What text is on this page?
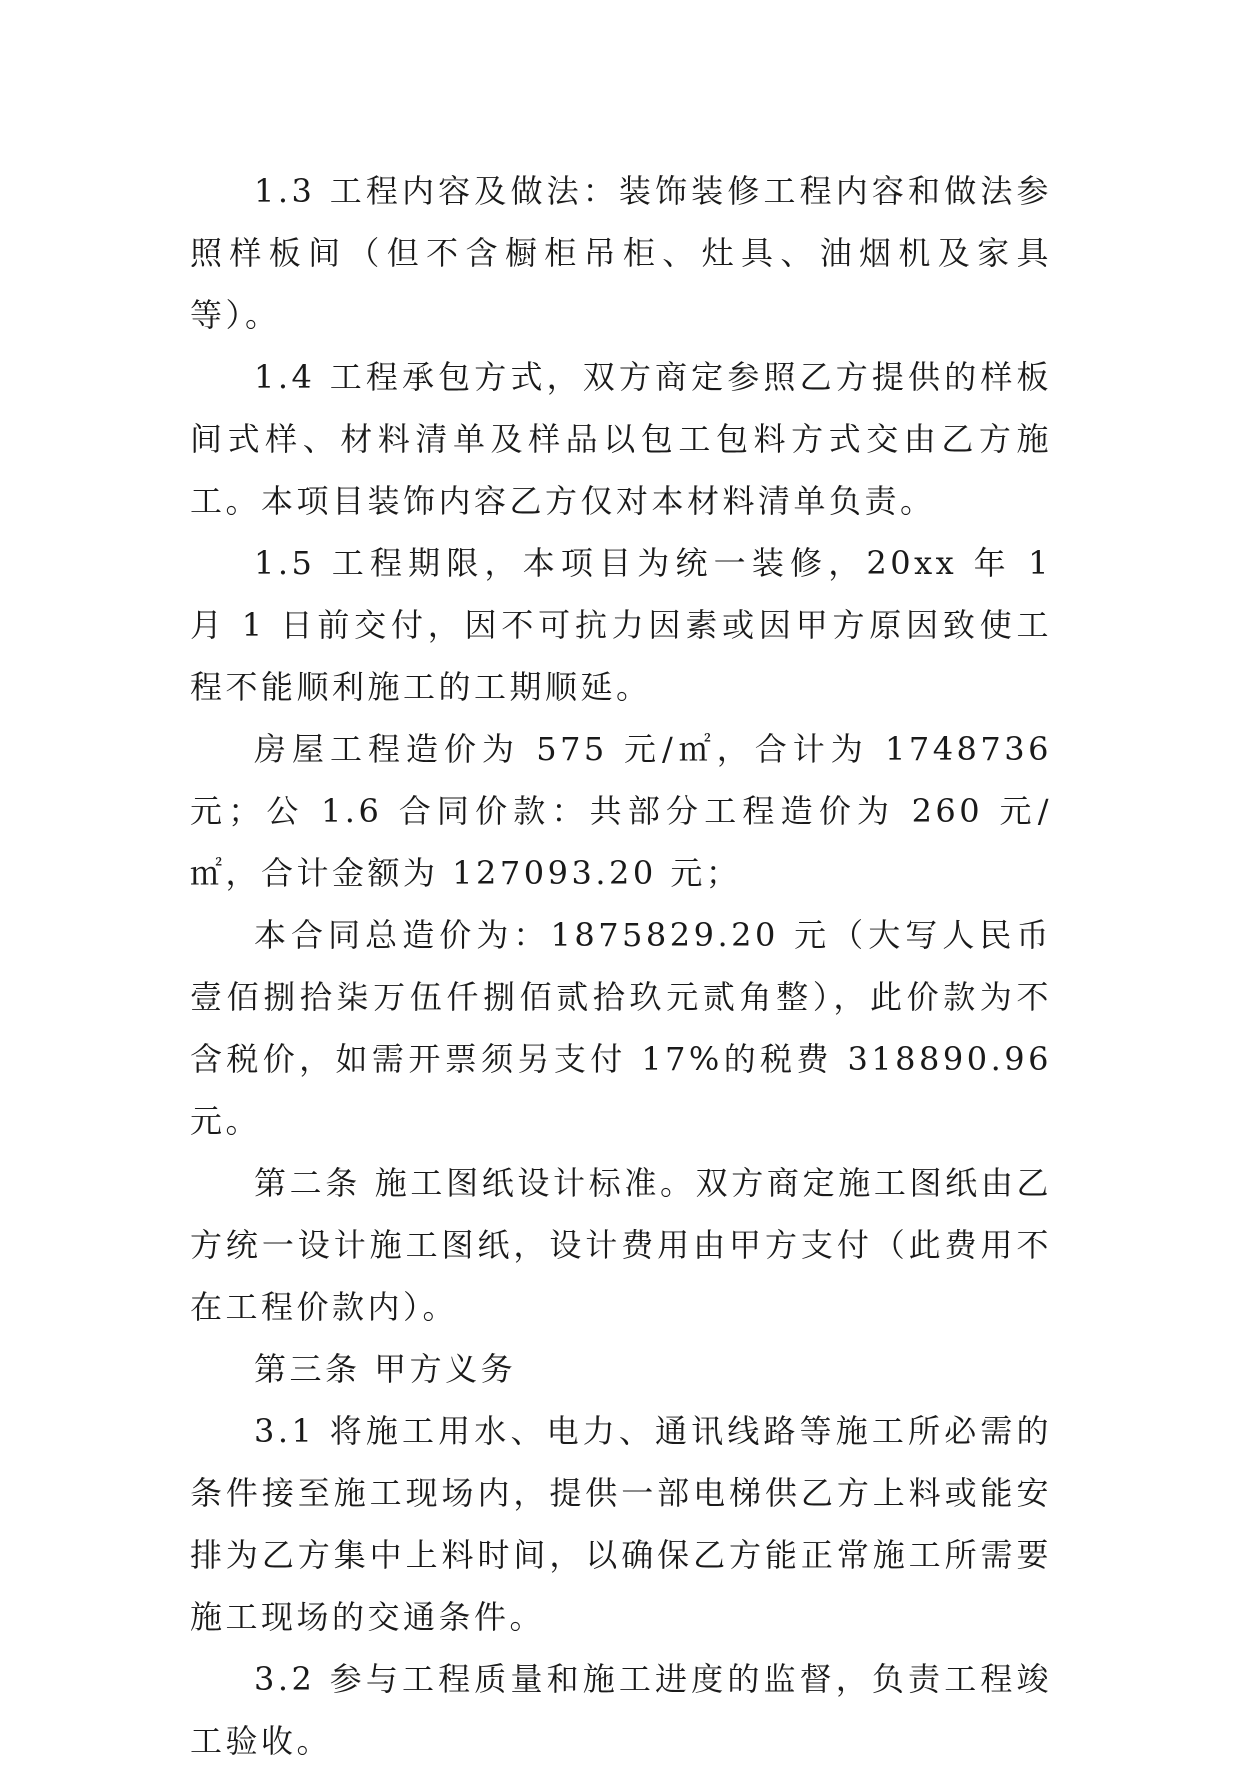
1.3 工程内容及做法：装饰装修工程内容和做法参照样板间（但不含橱柜吊柜、灶具、油烟机及家具等）。

1.4 工程承包方式，双方商定参照乙方提供的样板间式样、材料清单及样品以包工包料方式交由乙方施工。本项目装饰内容乙方仅对本材料清单负责。

1.5 工程期限，本项目为统一装修，20xx 年 1 月 1 日前交付，因不可抗力因素或因甲方原因致使工程不能顺利施工的工期顺延。

房屋工程造价为 575 元/㎡，合计为 1748736 元；公 1.6 合同价款：共部分工程造价为 260 元/㎡，合计金额为 127093.20 元；

本合同总造价为：1875829.20 元（大写人民币壹佰捌拾柒万伍仟捌佰贰拾玖元贰角整），此价款为不含税价，如需开票须另支付 17%的税费 318890.96 元。

第二条 施工图纸设计标准。双方商定施工图纸由乙方统一设计施工图纸，设计费用由甲方支付（此费用不在工程价款内）。

第三条 甲方义务

3.1 将施工用水、电力、通讯线路等施工所必需的条件接至施工现场内，提供一部电梯供乙方上料或能安排为乙方集中上料时间，以确保乙方能正常施工所需要施工现场的交通条件。

3.2 参与工程质量和施工进度的监督，负责工程竣工验收。
